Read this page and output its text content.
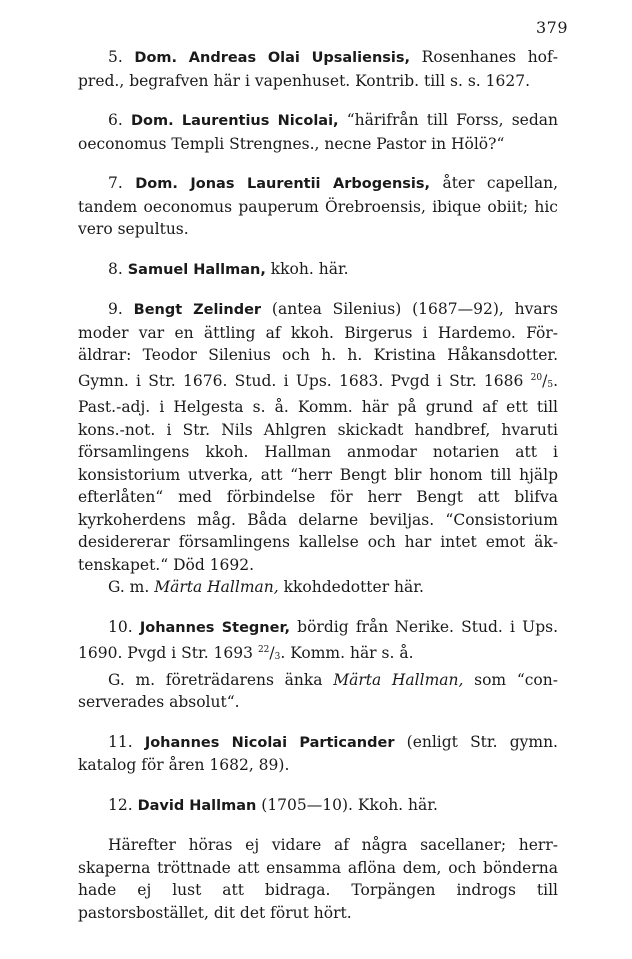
379

5. Dom. Andreas Olai Upsaliensis, Rosenhanes hofpred., begrafven här i vapenhuset. Kontrib. till s. s. 1627.

6. Dom. Laurentius Nicolai, “härifrån till Forss, sedan oeconomus Templi Strengnes., necne Pastor in Hölö?“

7. Dom. Jonas Laurentii Arbogensis, åter capellan, tandem oeconomus pauperum Örebroensis, ibique obiit; hic vero sepultus.

8. Samuel Hallman, kkoh. här.

9. Bengt Zelinder (antea Silenius) (1687—92), hvars moder var en ättling af kkoh. Birgerus i Hardemo. Föräldrar: Teodor Silenius och h. h. Kristina Håkansdotter. Gymn. i Str. 1676. Stud. i Ups. 1683. Pvgd i Str. 1686 $^{20}/_5$. Past.-adj. i Helgesta s. å. Komm. här på grund af ett till kons.-not. i Str. Nils Ahlgren skickadt handbref, hvaruti församlingens kkoh. Hallman anmodar notarien att i konsistorium utverka, att “herr Bengt blir honom till hjälp efterlåten“ med förbindelse för herr Bengt att blifva kyrkoherdens måg. Båda delarne beviljas. “Consistorium desidererar församlingens kallelse och har intet emot äktenskapet.“ Död 1692.

G. m. Märta Hallman, kkohdedotter här.

10. Johannes Stegner, bördig från Nerike. Stud. i Ups. 1690. Pvgd i Str. 1693 $^{22}/_3$. Komm. här s. å.

G. m. företrädarens änka Märta Hallman, som “conserverades absolut“.

11. Johannes Nicolai Particander (enligt Str. gymn. katalog för åren 1682, 89).

12. David Hallman (1705—10). Kkoh. här.

Härefter höras ej vidare af några sacellaner; herrskaperna tröttnade att ensamma aflöna dem, och bönderna hade ej lust att bidraga. Torpängen indrogs till pastorsbostället, dit det förut hört.
